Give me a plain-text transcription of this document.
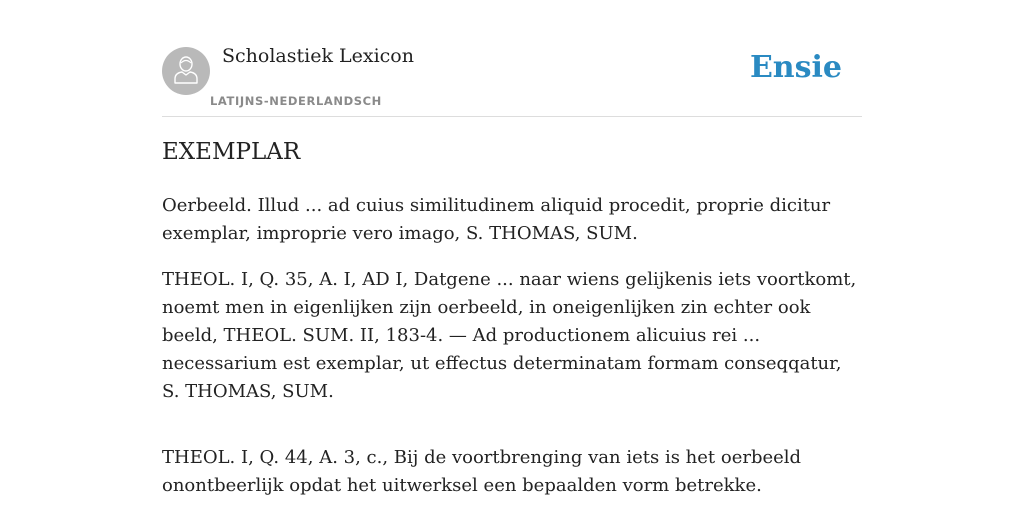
Scholastiek Lexicon
LATIJNS-NEDERLANDSCH
Ensie
EXEMPLAR

Oerbeeld. Illud ... ad cuius similitudinem aliquid procedit, proprie dicitur exemplar, improprie vero imago, S. THOMAS, SUM.

THEOL. I, Q. 35, A. I, AD I, Datgene ... naar wiens gelijkenis iets voortkomt, noemt men in eigenlijken zijn oerbeeld, in oneigenlijken zin echter ook beeld, THEOL. SUM. II, 183-4. — Ad productionem alicuius rei ... necessarium est exemplar, ut effectus determinatam formam conseqqatur, S. THOMAS, SUM.

THEOL. I, Q. 44, A. 3, c., Bij de voortbrenging van iets is het oerbeeld onontbeerlijk opdat het uitwerksel een bepaalden vorm betrekke.
